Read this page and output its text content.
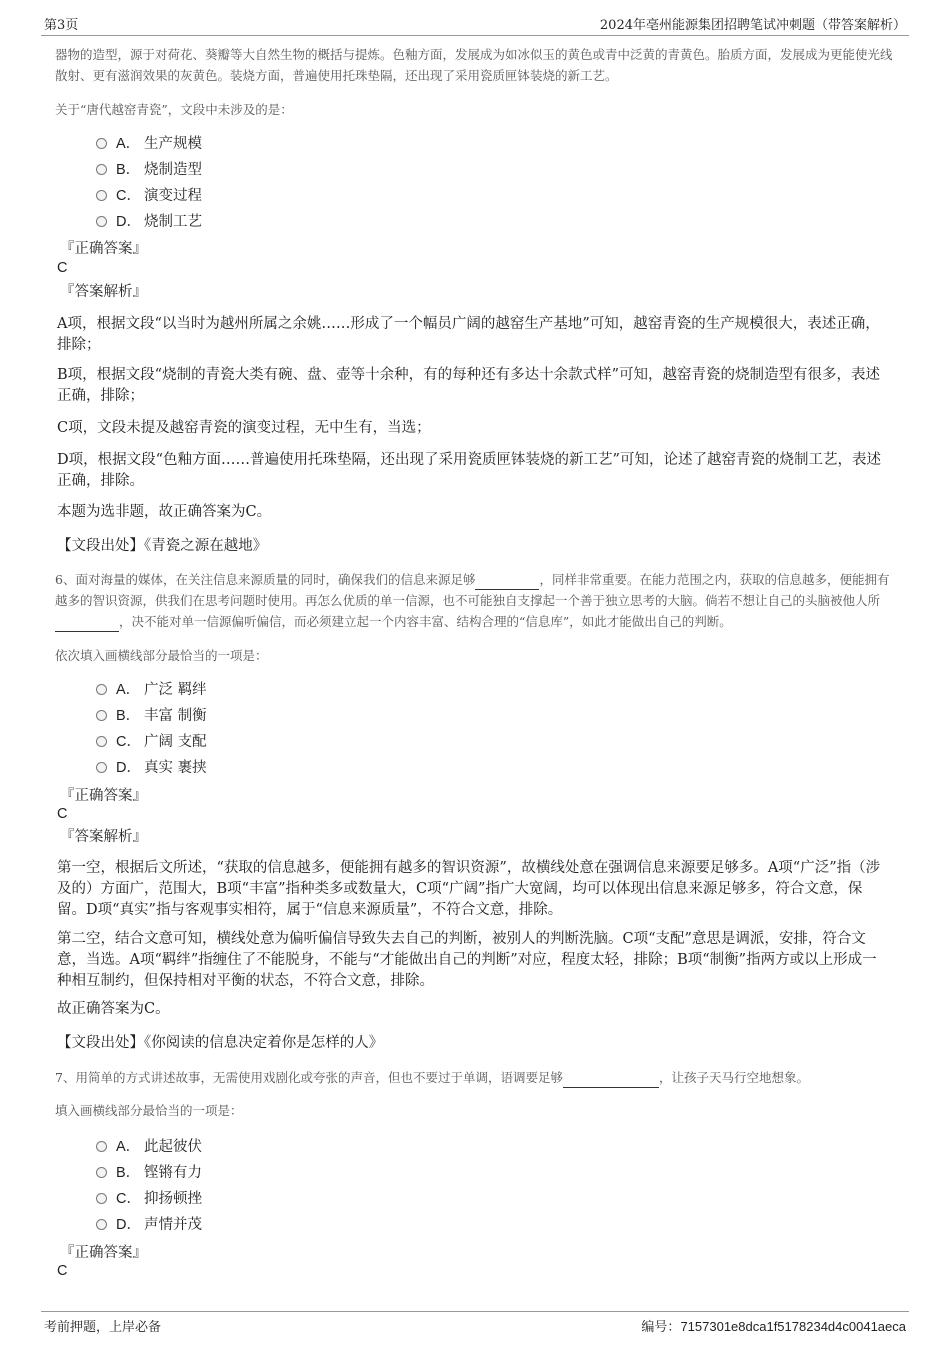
第3页	2024年亳州能源集团招聘笔试冲刺题（带答案解析）
器物的造型，源于对荷花、葵瓣等大自然生物的概括与提炼。色釉方面，发展成为如冰似玉的黄色或青中泛黄的青黄色。胎质方面，发展成为更能使光线散射、更有滋润效果的灰黄色。装烧方面，普遍使用托珠垫隔，还出现了采用瓷质匣钵装烧的新工艺。
关于“唐代越窑青瓷”，文段中未涉及的是：
A． 生产规模
B． 烧制造型
C． 演变过程
D． 烧制工艺
『正确答案』
C
『答案解析』
A项，根据文段“以当时为越州所属之余姚……形成了一个幅员广阔的越窑生产基地”可知，越窑青瓷的生产规模很大，表述正确，排除；
B项，根据文段“烧制的青瓷大类有碗、盘、壶等十余种，有的每种还有多达十余款式样”可知，越窑青瓷的烧制造型有很多，表述正确，排除；
C项，文段未提及越窑青瓷的演变过程，无中生有，当选；
D项，根据文段“色釉方面……普遍使用托珠垫隔，还出现了采用瓷质匣钵装烧的新工艺”可知，论述了越窑青瓷的烧制工艺，表述正确，排除。
本题为选非题，故正确答案为C。
【文段出处】《青瓷之源在越地》
6、面对海量的媒体，在关注信息来源质量的同时，确保我们的信息来源足够	，同样非常重要。在能力范围之内，获取的信息越多，便能拥有越多的智识资源，供我们在思考问题时使用。再怎么优质的单一信源，也不可能独自支撑起一个善于独立思考的大脑。倘若不想让自己的头脑被他人所，决不能对单一信源偏听偏信，而必须建立起一个内容丰富、结构合理的“信息库”，如此才能做出自己的判断。
依次填入画横线部分最恰当的一项是：
A． 广泛 羁绊
B． 丰富 制衡
C． 广阔 支配
D． 真实 裹挟
『正确答案』
C
『答案解析』
第一空，根据后文所述，“获取的信息越多，便能拥有越多的智识资源”，故横线处意在强调信息来源要足够多。A项“广泛”指（涉及的）方面广，范围大，B项“丰富”指种类多或数量大，C项“广阔”指广大宽阔，均可以体现出信息来源足够多，符合文意，保留。D项“真实”指与客观事实相符，属于“信息来源质量”，不符合文意，排除。
第二空，结合文意可知，横线处意为偏听偏信导致失去自己的判断，被别人的判断洗脑。C项“支配”意思是调派，安排，符合文意，当选。A项“羁绊”指缠住了不能脱身，不能与“才能做出自己的判断”对应，程度太轻，排除；B项“制衡”指两方或以上形成一种相互制约，但保持相对平衡的状态，不符合文意，排除。
故正确答案为C。
【文段出处】《你阅读的信息决定着你是怎样的人》
7、用简单的方式讲述故事，无需使用戏剧化或夸张的声音，但也不要过于单调，语调要足够	，让孩子天马行空地想象。
填入画横线部分最恰当的一项是：
A． 此起彼伏
B． 铿锵有力
C． 抑扬顿挫
D． 声情并茂
『正确答案』
C
考前押题，上岸必备	编号：7157301e8dca1f5178234d4c0041aeca
